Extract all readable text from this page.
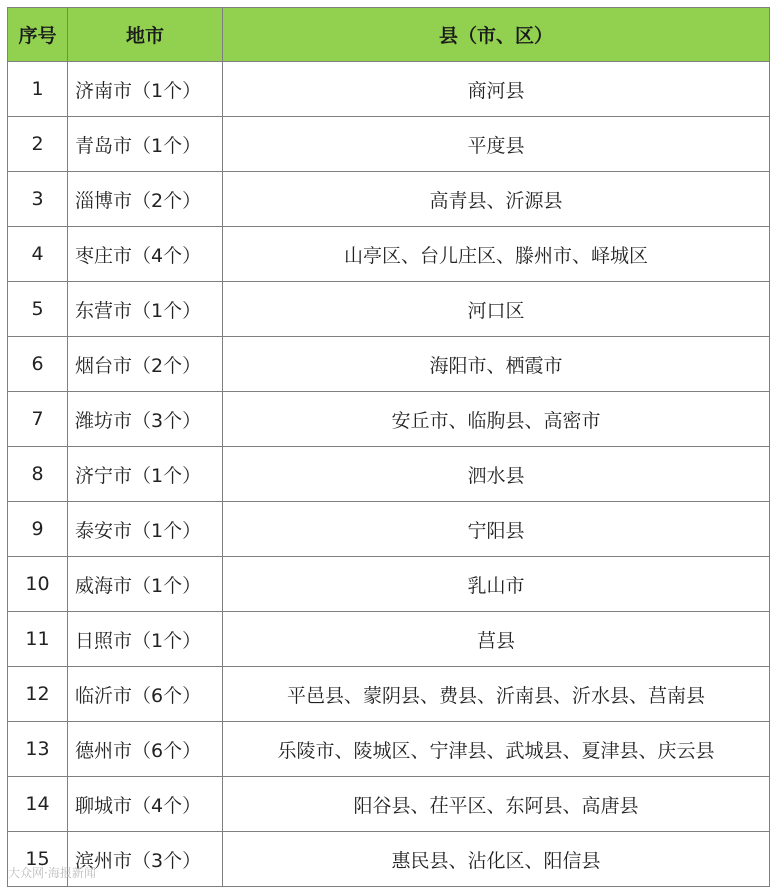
序号	地市	县（市、区）
1	济南市（1个）	商河县
2	青岛市（1个）	平度县
3	淄博市（2个）	高青县、沂源县
4	枣庄市（4个）	山亭区、台儿庄区、滕州市、峄城区
5	东营市（1个）	河口区
6	烟台市（2个）	海阳市、栖霞市
7	潍坊市（3个）	安丘市、临朐县、高密市
8	济宁市（1个）	泗水县
9	泰安市（1个）	宁阳县
10	威海市（1个）	乳山市
11	日照市（1个）	莒县
12	临沂市（6个）	平邑县、蒙阴县、费县、沂南县、沂水县、莒南县
13	德州市（6个）	乐陵市、陵城区、宁津县、武城县、夏津县、庆云县
14	聊城市（4个）	阳谷县、茌平区、东阿县、高唐县
15	滨州市（3个）	惠民县、沾化区、阳信县
大众网·海报新闻
